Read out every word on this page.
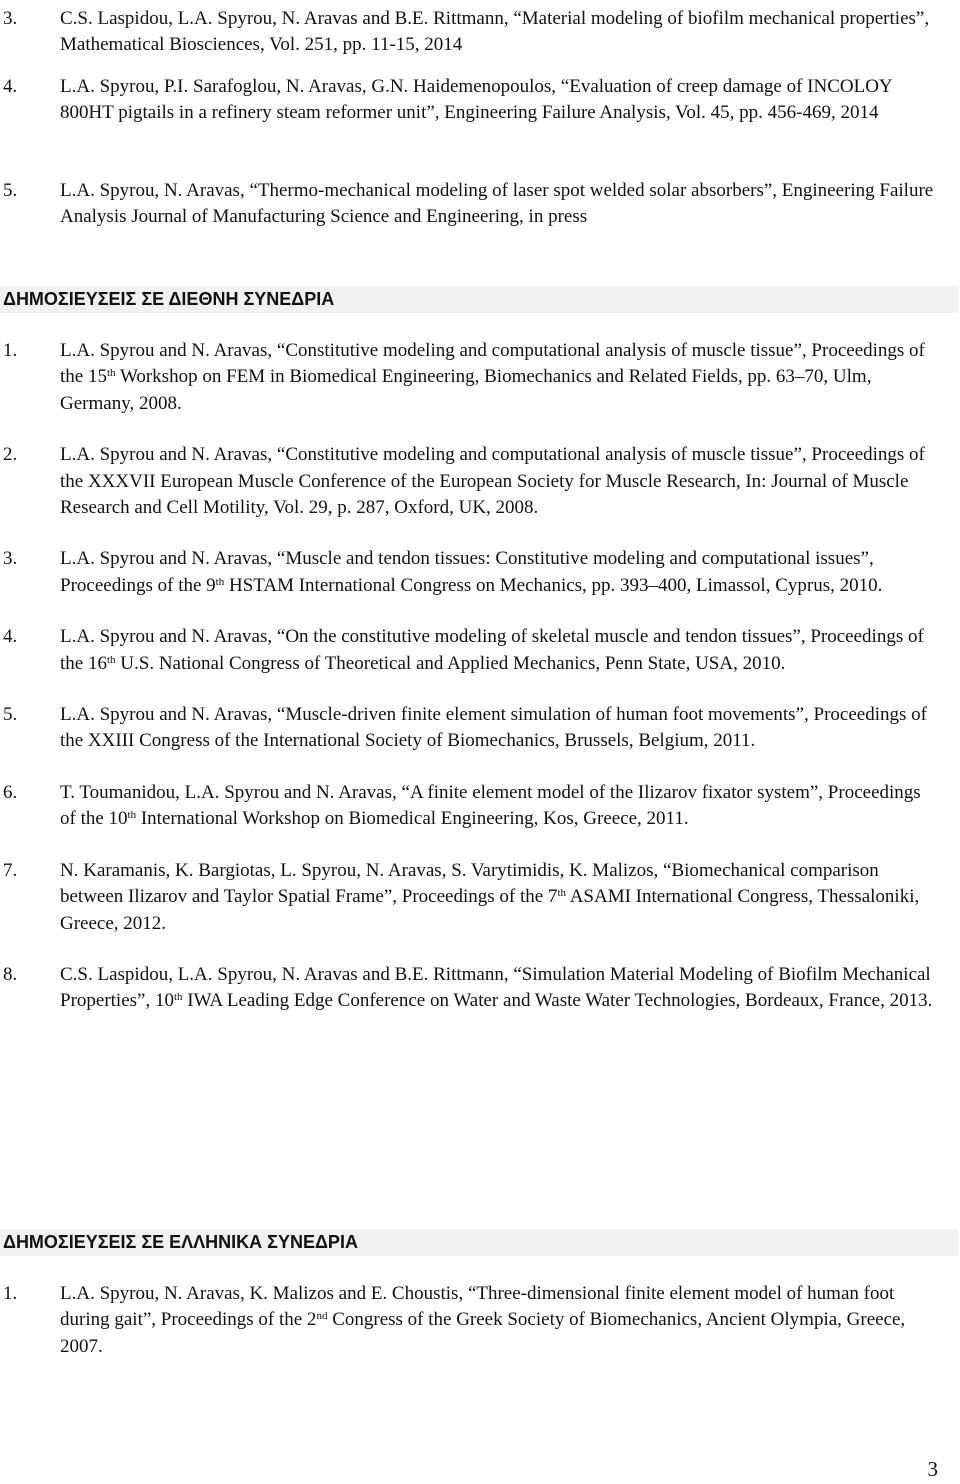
3.	C.S. Laspidou, L.A. Spyrou, N. Aravas and B.E. Rittmann, “Material modeling of biofilm mechanical properties”, Mathematical Biosciences, Vol. 251, pp. 11-15, 2014
4.	L.A. Spyrou, P.I. Sarafoglou, N. Aravas, G.N. Haidemenopoulos, “Evaluation of creep damage of INCOLOY 800HT pigtails in a refinery steam reformer unit”, Engineering Failure Analysis, Vol. 45, pp. 456-469, 2014
5.	L.A. Spyrou, N. Aravas, “Thermo-mechanical modeling of laser spot welded solar absorbers”, Engineering Failure Analysis Journal of Manufacturing Science and Engineering, in press
ΔΗΜΟΣΙΕΥΣΕΙΣ ΣΕ ΔΙΕΘΝΗ ΣΥΝΕΔΡΙΑ
1.	L.A. Spyrou and N. Aravas, “Constitutive modeling and computational analysis of muscle tissue”, Proceedings of the 15th Workshop on FEM in Biomedical Engineering, Biomechanics and Related Fields, pp. 63–70, Ulm, Germany, 2008.
2.	L.A. Spyrou and N. Aravas, “Constitutive modeling and computational analysis of muscle tissue”, Proceedings of the XXXVII European Muscle Conference of the European Society for Muscle Research, In: Journal of Muscle Research and Cell Motility, Vol. 29, p. 287, Oxford, UK, 2008.
3.	L.A. Spyrou and N. Aravas, “Muscle and tendon tissues: Constitutive modeling and computational issues”, Proceedings of the 9th HSTAM International Congress on Mechanics, pp. 393–400, Limassol, Cyprus, 2010.
4.	L.A. Spyrou and N. Aravas, “On the constitutive modeling of skeletal muscle and tendon tissues”, Proceedings of the 16th U.S. National Congress of Theoretical and Applied Mechanics, Penn State, USA, 2010.
5.	L.A. Spyrou and N. Aravas, “Muscle-driven finite element simulation of human foot movements”, Proceedings of the XXIII Congress of the International Society of Biomechanics, Brussels, Belgium, 2011.
6.	T. Toumanidou, L.A. Spyrou and N. Aravas, “A finite element model of the Ilizarov fixator system”, Proceedings of the 10th International Workshop on Biomedical Engineering, Kos, Greece, 2011.
7.	N. Karamanis, K. Bargiotas, L. Spyrou, N. Aravas, S. Varytimidis, K. Malizos, “Biomechanical comparison between Ilizarov and Taylor Spatial Frame”, Proceedings of the 7th ASAMI International Congress, Thessaloniki, Greece, 2012.
8.	C.S. Laspidou, L.A. Spyrou, N. Aravas and B.E. Rittmann, “Simulation Material Modeling of Biofilm Mechanical Properties”, 10th IWA Leading Edge Conference on Water and Waste Water Technologies, Bordeaux, France, 2013.
ΔΗΜΟΣΙΕΥΣΕΙΣ ΣΕ ΕΛΛΗΝΙΚΑ ΣΥΝΕΔΡΙΑ
1.	L.A. Spyrou, N. Aravas, K. Malizos and E. Choustis, “Three-dimensional finite element model of human foot during gait”, Proceedings of the 2nd Congress of the Greek Society of Biomechanics, Ancient Olympia, Greece, 2007.
3
